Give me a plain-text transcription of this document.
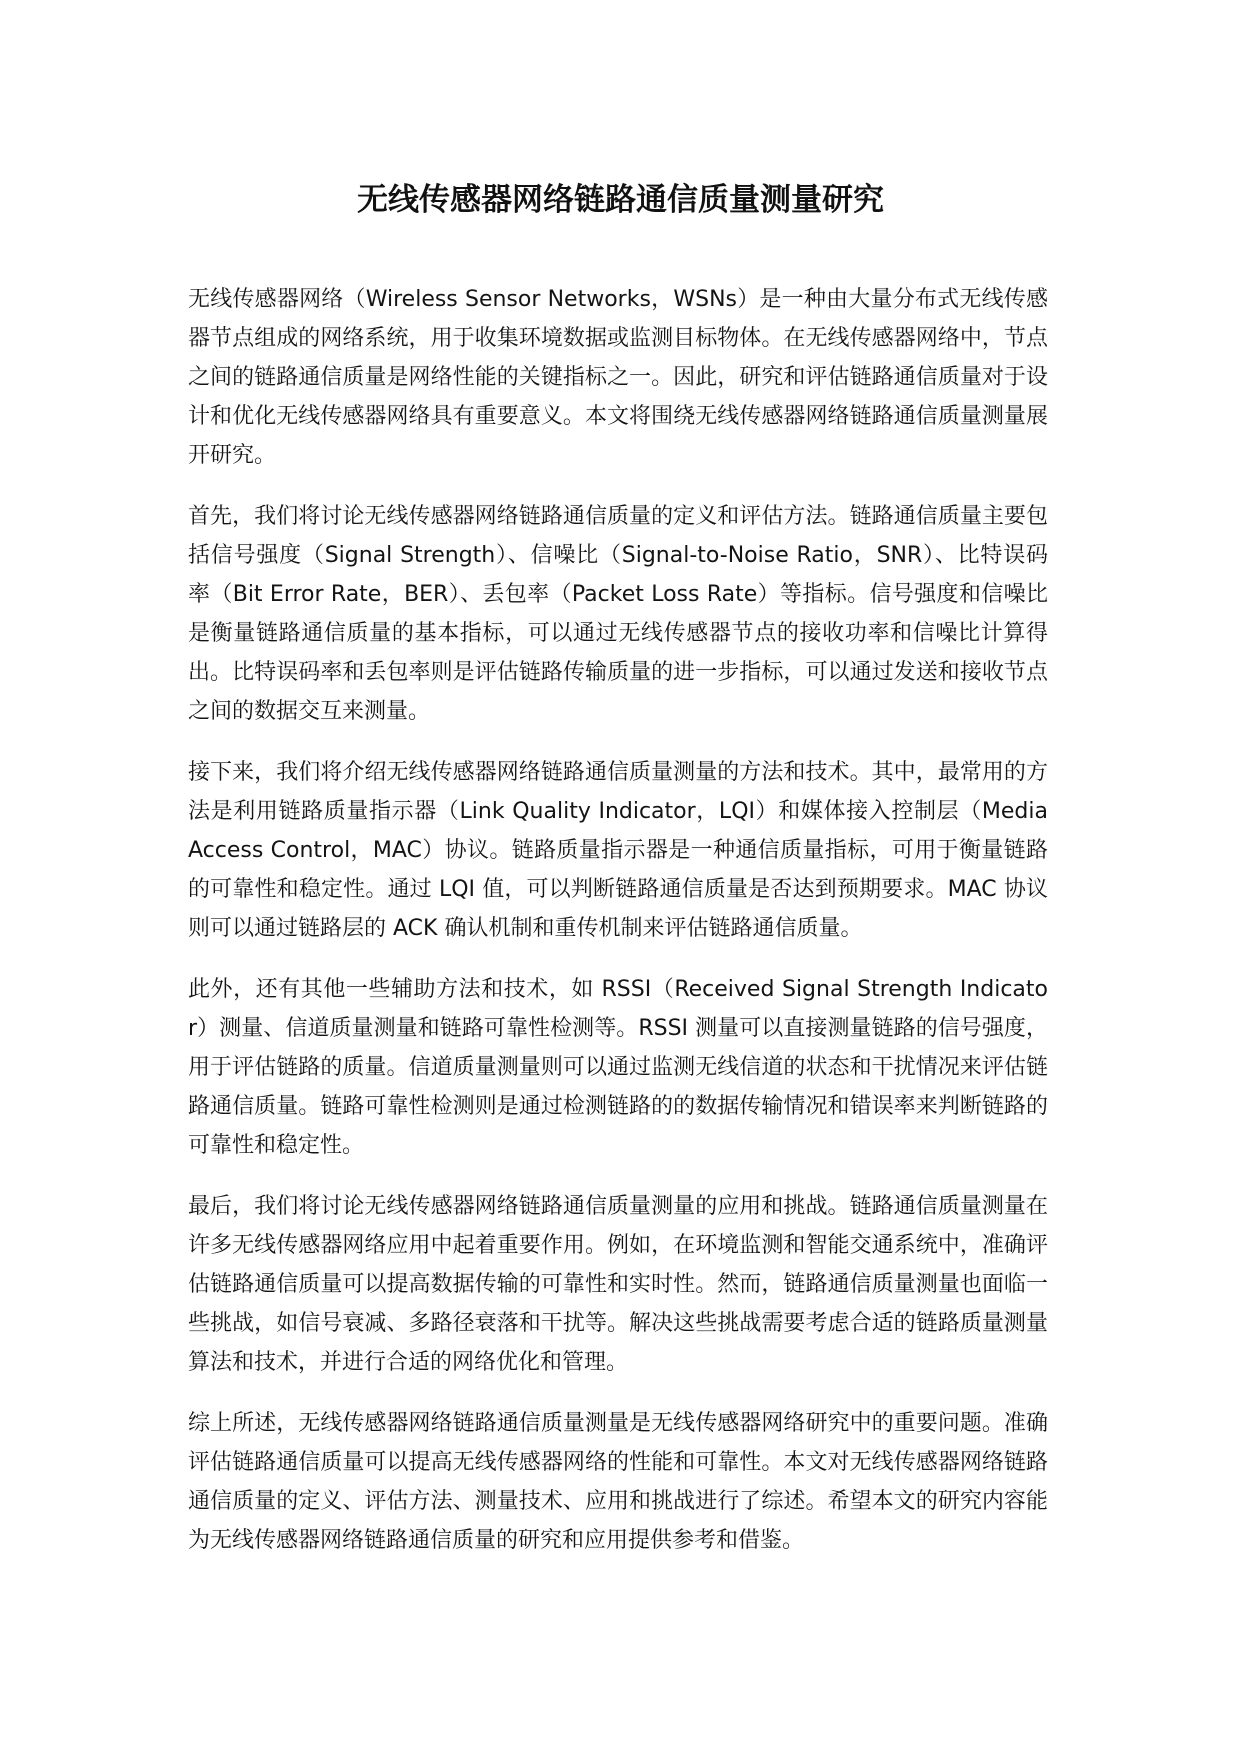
无线传感器网络链路通信质量测量研究

无线传感器网络（Wireless Sensor Networks，WSNs）是一种由大量分布式无线传感器节点组成的网络系统，用于收集环境数据或监测目标物体。在无线传感器网络中，节点之间的链路通信质量是网络性能的关键指标之一。因此，研究和评估链路通信质量对于设计和优化无线传感器网络具有重要意义。本文将围绕无线传感器网络链路通信质量测量展开研究。

首先，我们将讨论无线传感器网络链路通信质量的定义和评估方法。链路通信质量主要包括信号强度（Signal Strength）、信噪比（Signal-to-Noise Ratio，SNR）、比特误码率（Bit Error Rate，BER）、丢包率（Packet Loss Rate）等指标。信号强度和信噪比是衡量链路通信质量的基本指标，可以通过无线传感器节点的接收功率和信噪比计算得出。比特误码率和丢包率则是评估链路传输质量的进一步指标，可以通过发送和接收节点之间的数据交互来测量。

接下来，我们将介绍无线传感器网络链路通信质量测量的方法和技术。其中，最常用的方法是利用链路质量指示器（Link Quality Indicator，LQI）和媒体接入控制层（Media Access Control，MAC）协议。链路质量指示器是一种通信质量指标，可用于衡量链路的可靠性和稳定性。通过 LQI 值，可以判断链路通信质量是否达到预期要求。MAC 协议则可以通过链路层的 ACK 确认机制和重传机制来评估链路通信质量。

此外，还有其他一些辅助方法和技术，如 RSSI（Received Signal Strength Indicator）测量、信道质量测量和链路可靠性检测等。RSSI 测量可以直接测量链路的信号强度，用于评估链路的质量。信道质量测量则可以通过监测无线信道的状态和干扰情况来评估链路通信质量。链路可靠性检测则是通过检测链路的的数据传输情况和错误率来判断链路的可靠性和稳定性。

最后，我们将讨论无线传感器网络链路通信质量测量的应用和挑战。链路通信质量测量在许多无线传感器网络应用中起着重要作用。例如，在环境监测和智能交通系统中，准确评估链路通信质量可以提高数据传输的可靠性和实时性。然而，链路通信质量测量也面临一些挑战，如信号衰减、多路径衰落和干扰等。解决这些挑战需要考虑合适的链路质量测量算法和技术，并进行合适的网络优化和管理。

综上所述，无线传感器网络链路通信质量测量是无线传感器网络研究中的重要问题。准确评估链路通信质量可以提高无线传感器网络的性能和可靠性。本文对无线传感器网络链路通信质量的定义、评估方法、测量技术、应用和挑战进行了综述。希望本文的研究内容能为无线传感器网络链路通信质量的研究和应用提供参考和借鉴。
